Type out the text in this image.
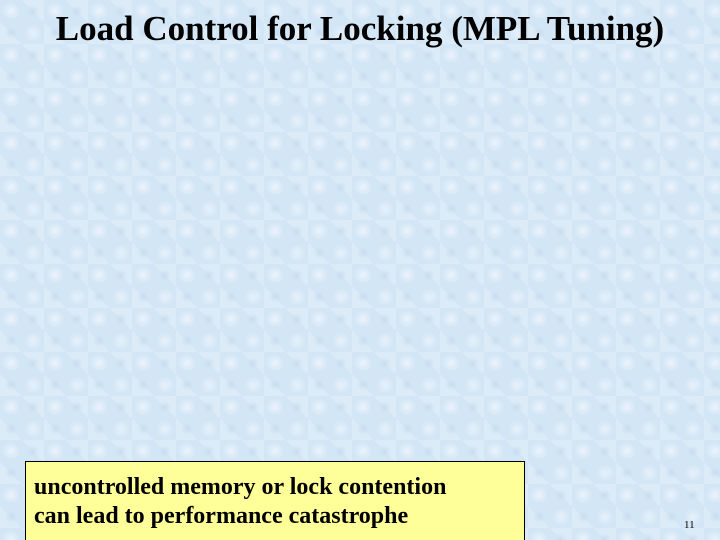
Load Control for Locking (MPL Tuning)
uncontrolled memory or lock contention
can lead to performance catastrophe	11
